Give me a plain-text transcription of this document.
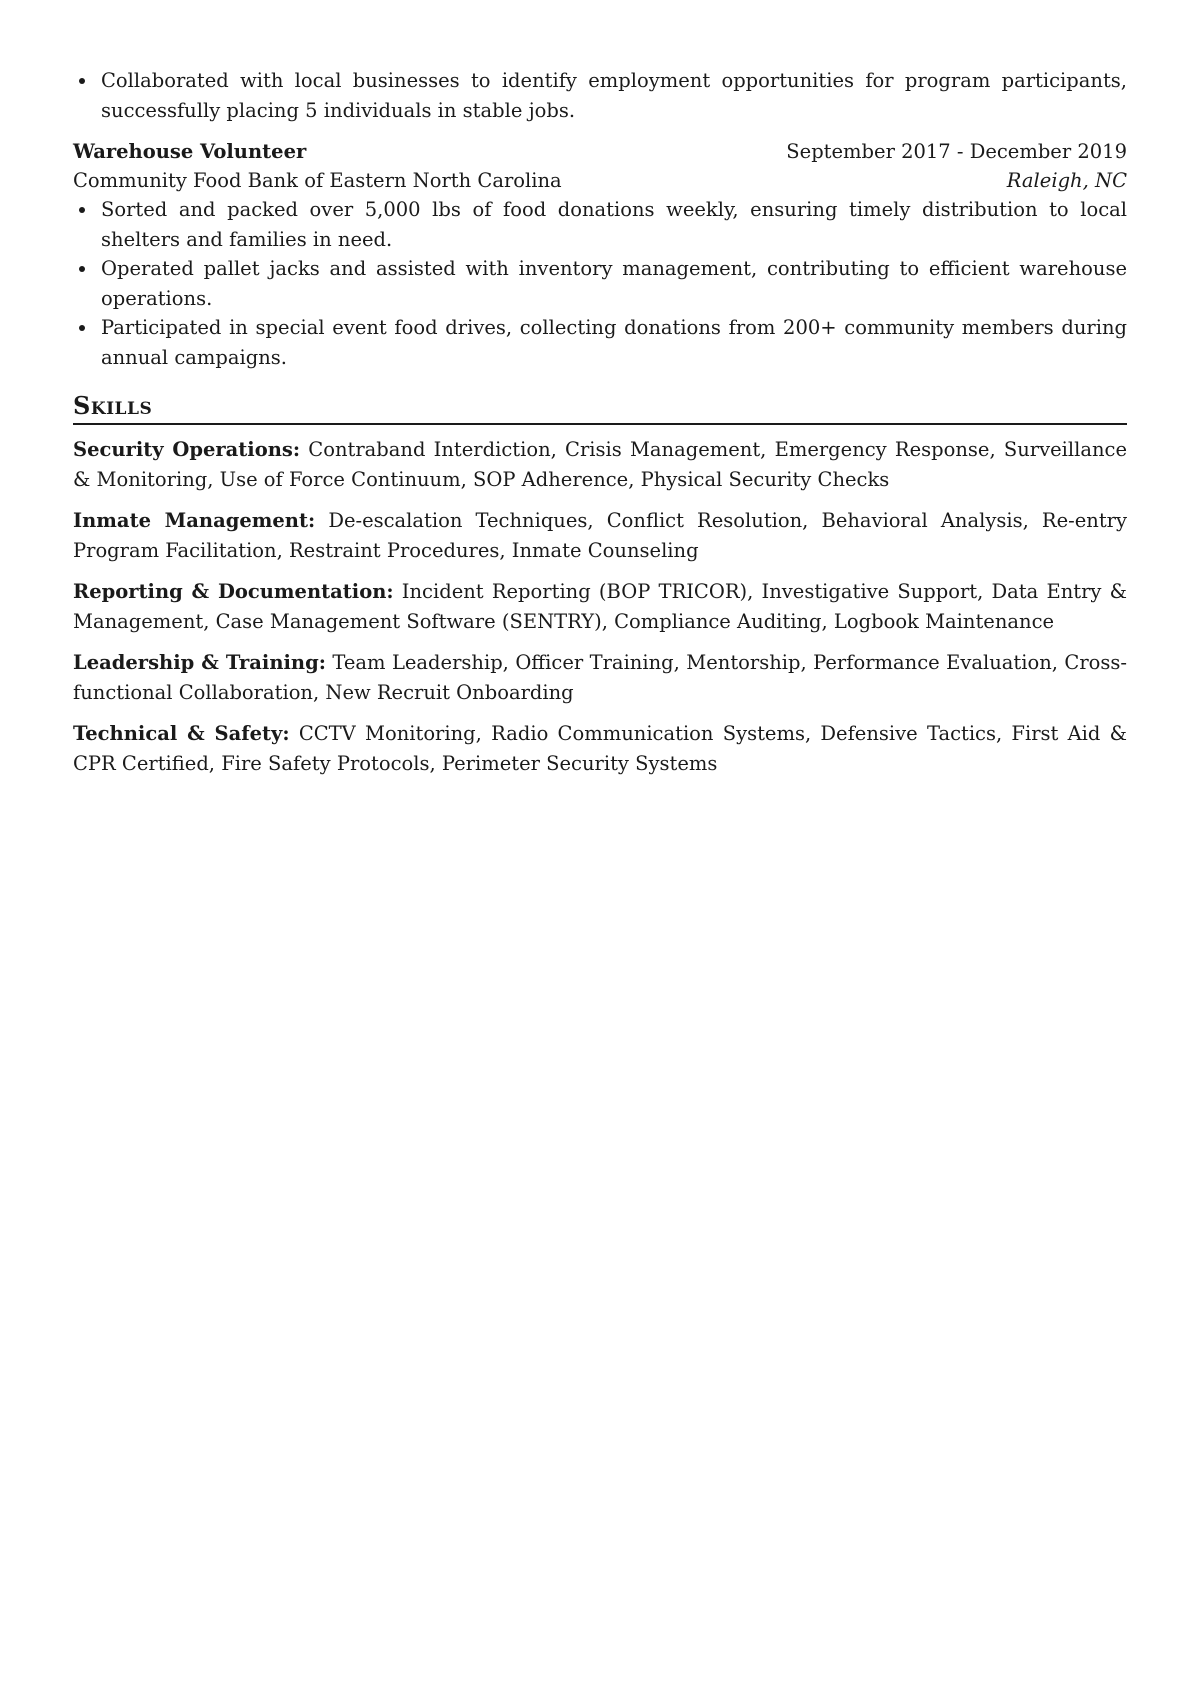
Collaborated with local businesses to identify employment opportunities for program participants, successfully placing 5 individuals in stable jobs.
Warehouse Volunteer	September 2017 - December 2019
Community Food Bank of Eastern North Carolina	Raleigh, NC
Sorted and packed over 5,000 lbs of food donations weekly, ensuring timely distribution to local shelters and families in need.
Operated pallet jacks and assisted with inventory management, contributing to efficient warehouse operations.
Participated in special event food drives, collecting donations from 200+ community members during annual campaigns.
Skills

Security Operations: Contraband Interdiction, Crisis Management, Emergency Response, Surveillance & Monitoring, Use of Force Continuum, SOP Adherence, Physical Security Checks

Inmate Management: De-escalation Techniques, Conflict Resolution, Behavioral Analysis, Re-entry Program Facilitation, Restraint Procedures, Inmate Counseling

Reporting & Documentation: Incident Reporting (BOP TRICOR), Investigative Support, Data Entry & Management, Case Management Software (SENTRY), Compliance Auditing, Logbook Maintenance

Leadership & Training: Team Leadership, Officer Training, Mentorship, Performance Evaluation, Cross-functional Collaboration, New Recruit Onboarding

Technical & Safety: CCTV Monitoring, Radio Communication Systems, Defensive Tactics, First Aid & CPR Certified, Fire Safety Protocols, Perimeter Security Systems
